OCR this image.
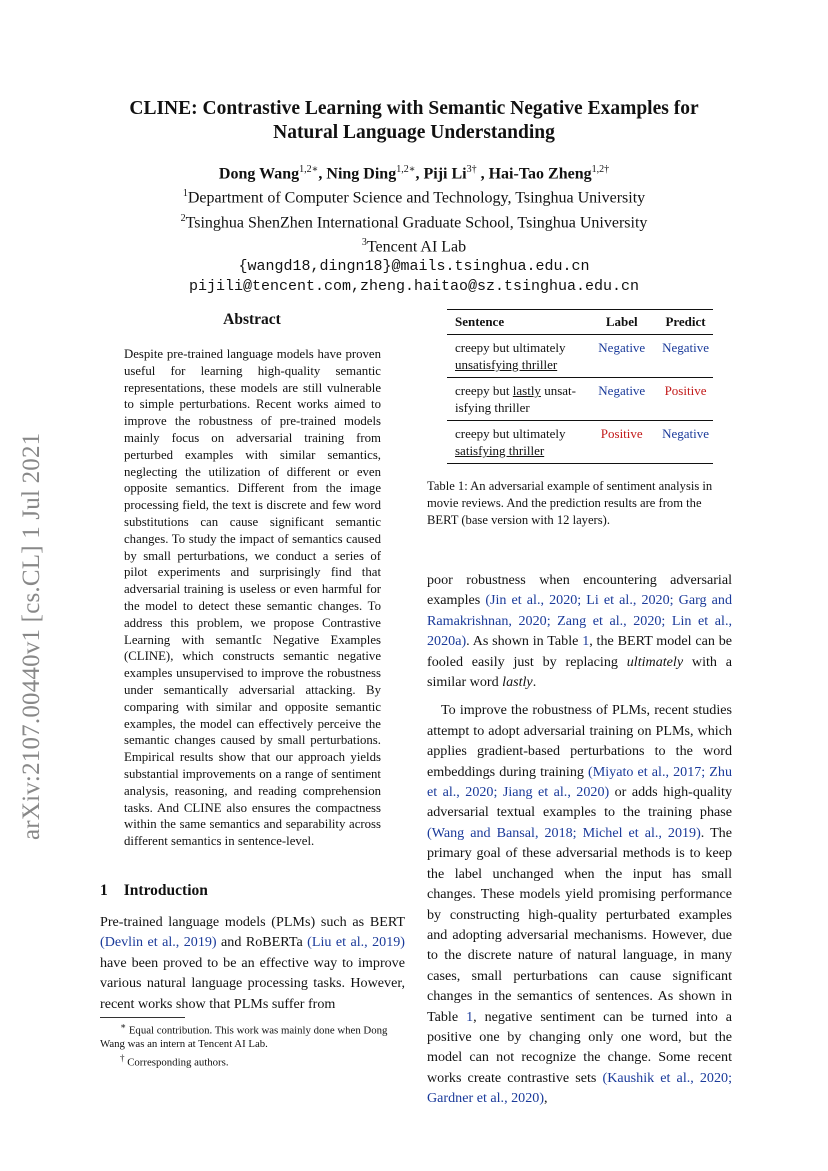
CLINE: Contrastive Learning with Semantic Negative Examples for
Natural Language Understanding
Dong Wang$^{1,2∗}$, Ning Ding$^{1,2∗}$, Piji $Li^{3\dagger}$ , Hai-Tao Zheng$^{1,2\dagger}$
$^1$Department of Computer Science and Technology, Tsinghua University
$^2$Tsinghua ShenZhen International Graduate School, Tsinghua University
$^3$Tencent AI Lab
{wangd18,dingn18}@mails.tsinghua.edu.cn
pijili@tencent.com,zheng.haitao@sz.tsinghua.edu.cn
arXiv:2107.00440v1 [cs.CL] 1 Jul 2021
Abstract
Despite pre-trained language models have proven useful for learning high-quality semantic representations, these models are still vulnerable to simple perturbations. Recent works aimed to improve the robustness of pre-trained models mainly focus on adversarial training from perturbed examples with similar semantics, neglecting the utilization of different or even opposite semantics. Different from the image processing field, the text is discrete and few word substitutions can cause significant semantic changes. To study the impact of semantics caused by small perturbations, we conduct a series of pilot experiments and surprisingly find that adversarial training is useless or even harmful for the model to detect these semantic changes. To address this problem, we propose Contrastive Learning with semantIc Negative Examples (CLINE), which constructs semantic negative examples unsupervised to improve the robustness under semantically adversarial attacking. By comparing with similar and opposite semantic examples, the model can effectively perceive the semantic changes caused by small perturbations. Empirical results show that our approach yields substantial improvements on a range of sentiment analysis, reasoning, and reading comprehension tasks. And CLINE also ensures the compactness within the same semantics and separability across different semantics in sentence-level.
1 Introduction
Pre-trained language models (PLMs) such as BERT (Devlin et al., 2019) and RoBERTa (Liu et al., 2019) have been proved to be an effective way to improve various natural language processing tasks. However, recent works show that PLMs suffer from

∗ Equal contribution. This work was mainly done when Dong Wang was an intern at Tencent AI Lab.

† Corresponding authors.

Sentence	Label	Predict
creepy but ultimately
unsatisfying thriller	Negative	Negative
creepy but lastly unsat-
isfying thriller	Negative	Positive
creepy but ultimately
satisfying thriller	Positive	Negative
Table 1: An adversarial example of sentiment analysis in movie reviews. And the prediction results are from the BERT (base version with 12 layers).

poor robustness when encountering adversarial examples (Jin et al., 2020; Li et al., 2020; Garg and Ramakrishnan, 2020; Zang et al., 2020; Lin et al., 2020a). As shown in Table 1, the BERT model can be fooled easily just by replacing ultimately with a similar word lastly.

To improve the robustness of PLMs, recent studies attempt to adopt adversarial training on PLMs, which applies gradient-based perturbations to the word embeddings during training (Miyato et al., 2017; Zhu et al., 2020; Jiang et al., 2020) or adds high-quality adversarial textual examples to the training phase (Wang and Bansal, 2018; Michel et al., 2019). The primary goal of these adversarial methods is to keep the label unchanged when the input has small changes. These models yield promising performance by constructing high-quality perturbated examples and adopting adversarial mechanisms. However, due to the discrete nature of natural language, in many cases, small perturbations can cause significant changes in the semantics of sentences. As shown in Table 1, negative sentiment can be turned into a positive one by changing only one word, but the model can not recognize the change. Some recent works create contrastive sets (Kaushik et al., 2020; Gardner et al., 2020),
